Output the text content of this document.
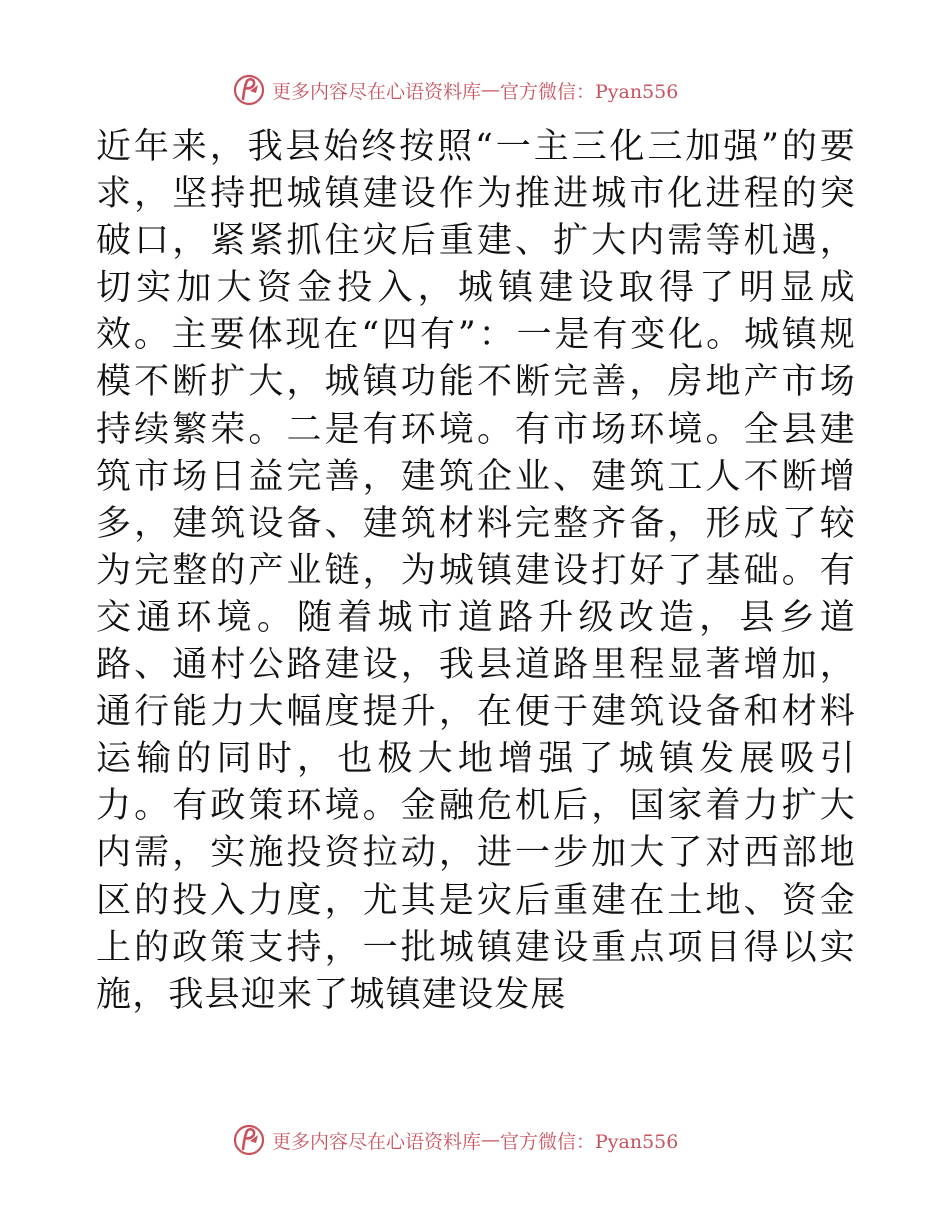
更多内容尽在心语资料库 — 官方微信：Pyan556

近年来，我县始终按照“一主三化三加强”的要求，坚持把城镇建设作为推进城市化进程的突破口，紧紧抓住灾后重建、扩大内需等机遇，切实加大资金投入，城镇建设取得了明显成效。主要体现在“四有”：一是有变化。城镇规模不断扩大，城镇功能不断完善，房地产市场持续繁荣。二是有环境。有市场环境。全县建筑市场日益完善，建筑企业、建筑工人不断增多，建筑设备、建筑材料完整齐备，形成了较为完整的产业链，为城镇建设打好了基础。有交通环境。随着城市道路升级改造，县乡道路、通村公路建设，我县道路里程显著增加，通行能力大幅度提升，在便于建筑设备和材料运输的同时，也极大地增强了城镇发展吸引力。有政策环境。金融危机后，国家着力扩大内需，实施投资拉动，进一步加大了对西部地区的投入力度，尤其是灾后重建在土地、资金上的政策支持，一批城镇建设重点项目得以实施，我县迎来了城镇建设发展

更多内容尽在心语资料库 — 官方微信：Pyan556
